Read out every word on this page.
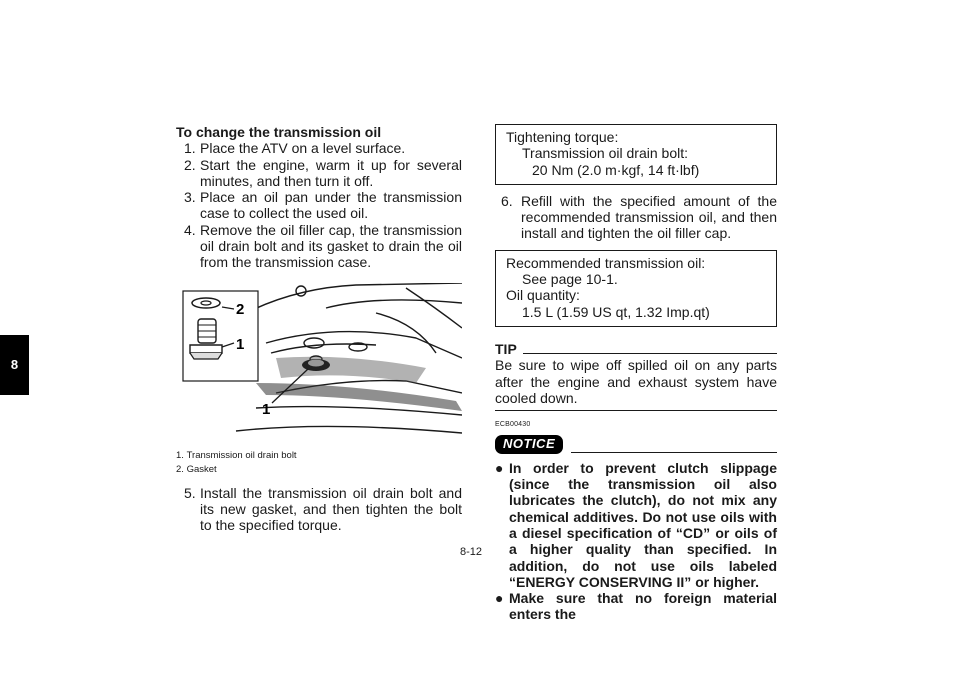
8
To change the transmission oil
1. Place the ATV on a level surface.
2. Start the engine, warm it up for several minutes, and then turn it off.
3. Place an oil pan under the transmission case to collect the used oil.
4. Remove the oil filler cap, the transmission oil drain bolt and its gasket to drain the oil from the transmission case.
2
1
1
1. Transmission oil drain bolt
2. Gasket
5. Install the transmission oil drain bolt and its new gasket, and then tighten the bolt to the specified torque.
Tightening torque:
Transmission oil drain bolt:
20 Nm (2.0 m·kgf, 14 ft·lbf)
6. Refill with the specified amount of the recommended transmission oil, and then install and tighten the oil filler cap.
Recommended transmission oil:
See page 10-1.
Oil quantity:
1.5 L (1.59 US qt, 1.32 Imp.qt)
TIP
Be sure to wipe off spilled oil on any parts after the engine and exhaust system have cooled down.
ECB00430
NOTICE
● In order to prevent clutch slippage (since the transmission oil also lubricates the clutch), do not mix any chemical additives. Do not use oils with a diesel specification of “CD” or oils of a higher quality than specified. In addition, do not use oils labeled “ENERGY CONSERVING II” or higher.
● Make sure that no foreign material enters the
8-12
